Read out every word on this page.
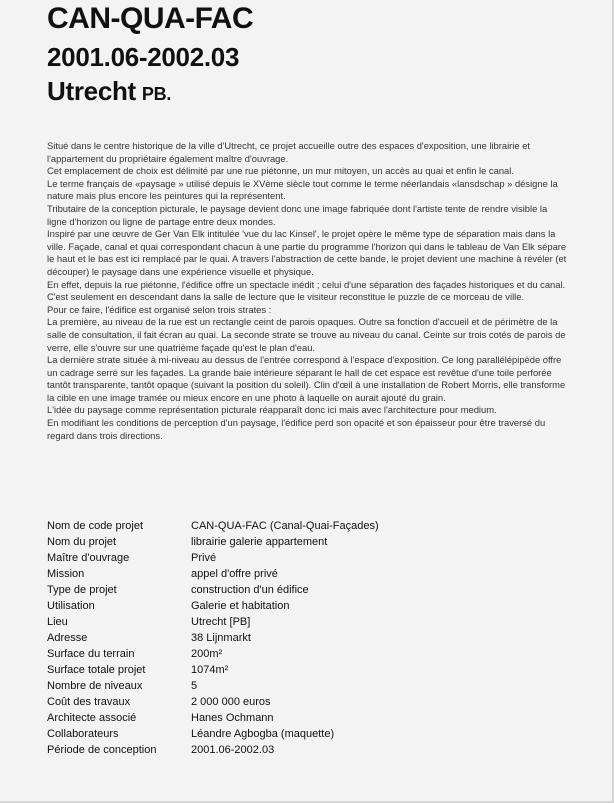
CAN-QUA-FAC
2001.06-2002.03
Utrecht PB.

Situé dans le centre historique de la ville d'Utrecht, ce projet accueille outre des espaces d'exposition, une librairie et l'appartement du propriétaire également maître d'ouvrage.

Cet emplacement de choix est délimité par une rue piétonne, un mur mitoyen, un accès au quai et enfin le canal.

Le terme français de «paysage » utilisé depuis le XVème siècle tout comme le terme néerlandais «lansdschap » désigne la nature mais plus encore les peintures qui la représentent.

Tributaire de la conception picturale, le paysage devient donc une image fabriquée dont l'artiste tente de rendre visible la ligne d'horizon ou ligne de partage entre deux mondes.

Inspiré par une œuvre de Ger Van Elk intitulée 'vue du lac Kinsel', le projet opère le même type de séparation mais dans la ville. Façade, canal et quai correspondant chacun à une partie du programme l'horizon qui dans le tableau de Van Elk sépare le haut et le bas est ici remplacé par le quai. A travers l'abstraction de cette bande, le projet devient une machine à révéler (et découper) le paysage dans une expérience visuelle et physique.

En effet, depuis la rue piétonne, l'édifice offre un spectacle inédit ; celui d'une séparation des façades historiques et du canal. C'est seulement en descendant dans la salle de lecture que le visiteur reconstitue le puzzle de ce morceau de ville.

Pour ce faire, l'édifice est organisé selon trois strates :

La première, au niveau de la rue est un rectangle ceint de parois opaques. Outre sa fonction d'accueil et de périmètre de la salle de consultation, il fait écran au quai. La seconde strate se trouve au niveau du canal. Ceinte sur trois cotés de parois de verre, elle s'ouvre sur une quatrième façade qu'est le plan d'eau.

La dernière strate située à mi-niveau au dessus de l'entrée correspond à l'espace d'exposition. Ce long parallélépipède offre un cadrage serré sur les façades. La grande baie intérieure séparant le hall de cet espace est revêtue d'une toile perforée tantôt transparente, tantôt opaque (suivant la position du soleil). Clin d'œil à une installation de Robert Morris, elle transforme la cible en une image tramée ou mieux encore en une photo à laquelle on aurait ajouté du grain.

L'idée du paysage comme représentation picturale réapparaît donc ici mais avec l'architecture pour medium.

En modifiant les conditions de perception d'un paysage, l'édifice perd son opacité et son épaisseur pour être traversé du regard dans trois directions.

Nom de code projet	CAN-QUA-FAC (Canal-Quai-Façades)
Nom du projet	librairie galerie appartement
Maître d'ouvrage	Privé
Mission	appel d'offre privé
Type de projet	construction d'un édifice
Utilisation	Galerie et habitation
Lieu	Utrecht [PB]
Adresse	38 Lijnmarkt
Surface du terrain	200m²
Surface totale projet	1074m²
Nombre de niveaux	5
Coût des travaux	2 000 000 euros
Architecte associé	Hanes Ochmann
Collaborateurs	Léandre Agbogba (maquette)
Période de conception	2001.06-2002.03
